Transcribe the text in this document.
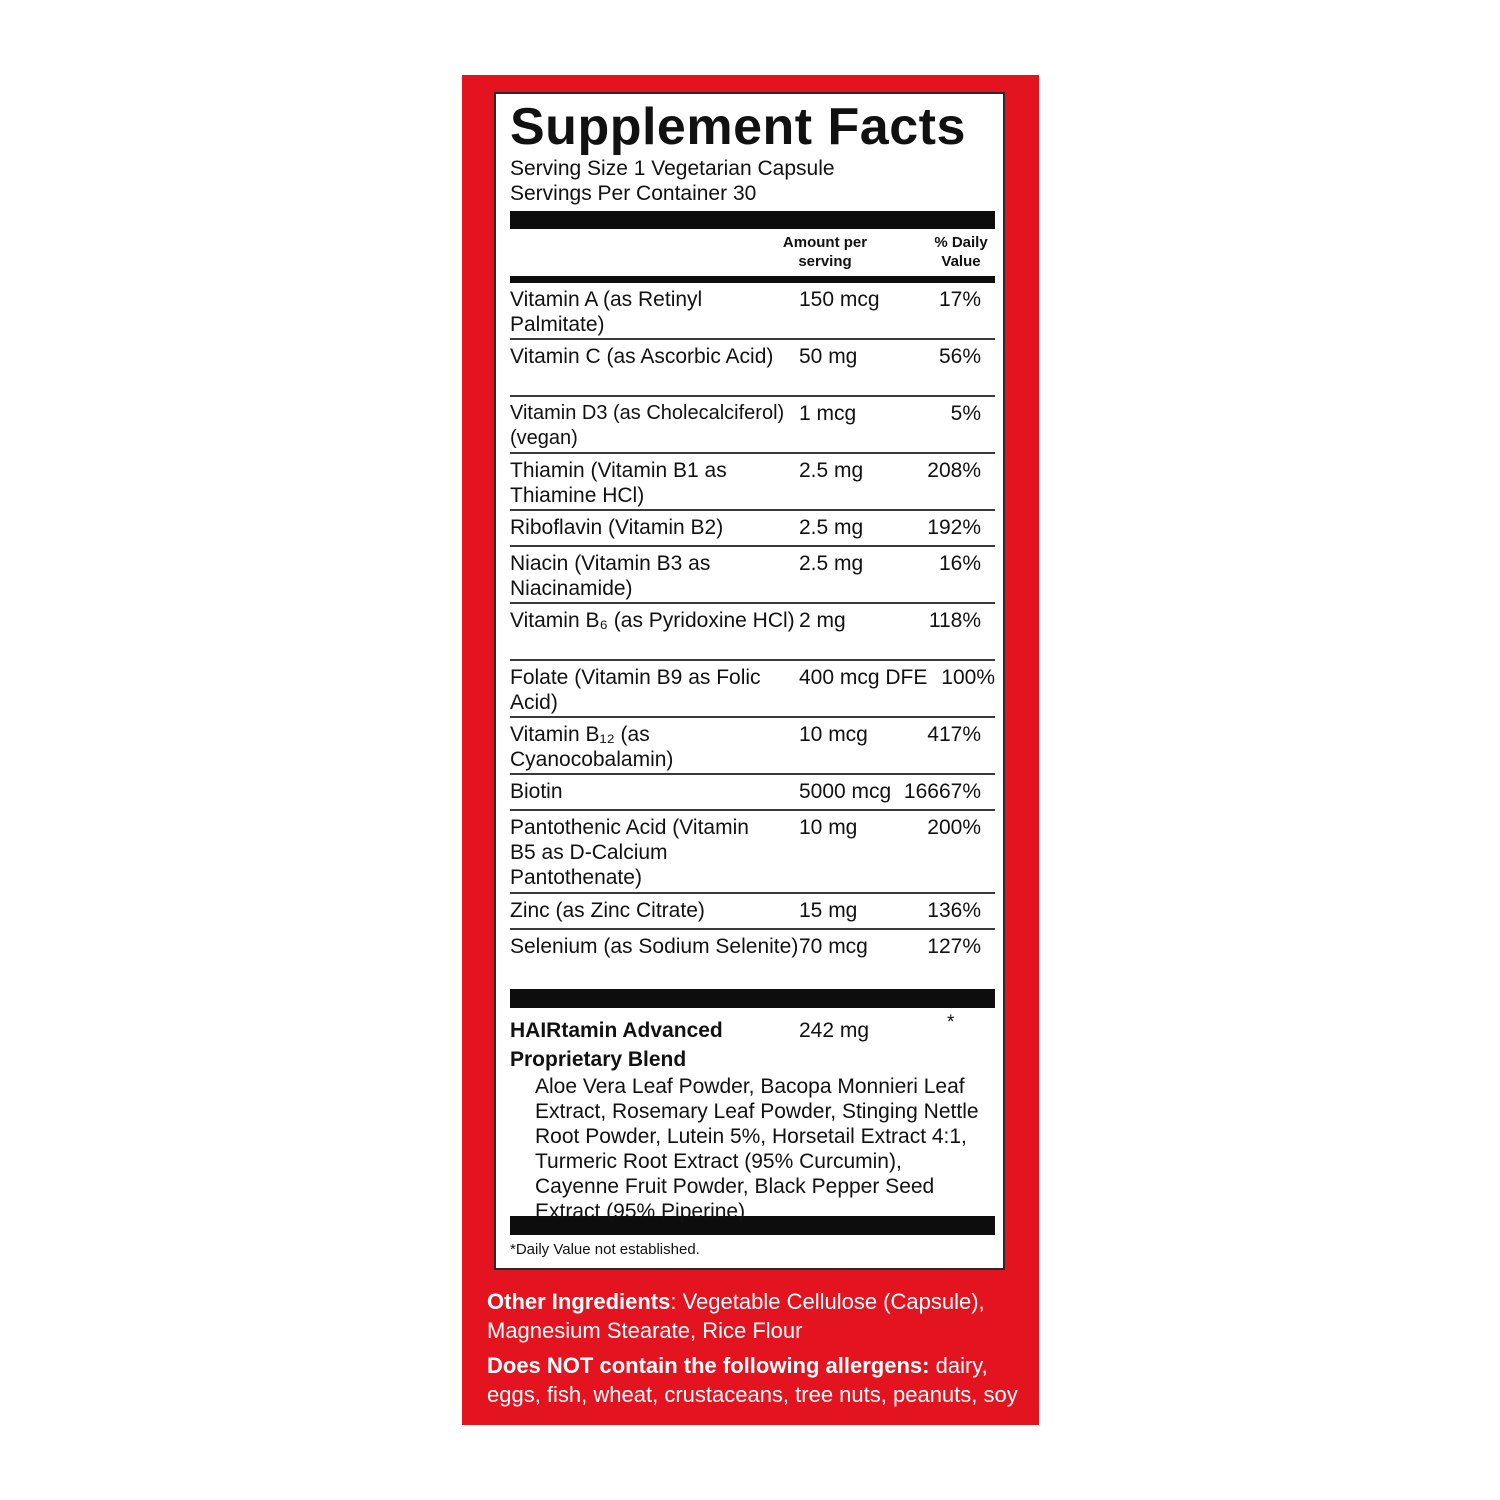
Supplement Facts
Serving Size 1 Vegetarian Capsule
Servings Per Container 30
Amount per serving
% Daily Value
Vitamin A (as Retinyl Palmitate)
150 mcg	17%
Vitamin C (as Ascorbic Acid)	50 mg	56%
Vitamin D3 (as Cholecalciferol) (vegan)
1 mcg	5%
Thiamin (Vitamin B1 as Thiamine HCl)
2.5 mg	208%
Riboflavin (Vitamin B2)	2.5 mg	192%
Niacin (Vitamin B3 as Niacinamide)
2.5 mg	16%
Vitamin B₆ (as Pyridoxine HCl) 2 mg	118%
Folate (Vitamin B9 as Folic Acid)
400 mcg DFE 100%
Vitamin B₁₂ (as Cyanocobalamin)
10 mcg	417%
Biotin	5000 mcg 16667%
Pantothenic Acid (Vitamin B5 as D-Calcium Pantothenate)
10 mg	200%
Zinc (as Zinc Citrate)	15 mg	136%
Selenium (as Sodium Selenite) 70 mcg	127%
HAIRtamin Advanced Proprietary Blend
242 mg	*
Aloe Vera Leaf Powder, Bacopa Monnieri Leaf Extract, Rosemary Leaf Powder, Stinging Nettle Root Powder, Lutein 5%, Horsetail Extract 4:1, Turmeric Root Extract (95% Curcumin), Cayenne Fruit Powder, Black Pepper Seed Extract (95% Piperine)
*Daily Value not established.
Other Ingredients: Vegetable Cellulose (Capsule), Magnesium Stearate, Rice Flour
Does NOT contain the following allergens: dairy, eggs, fish, wheat, crustaceans, tree nuts, peanuts, soy
